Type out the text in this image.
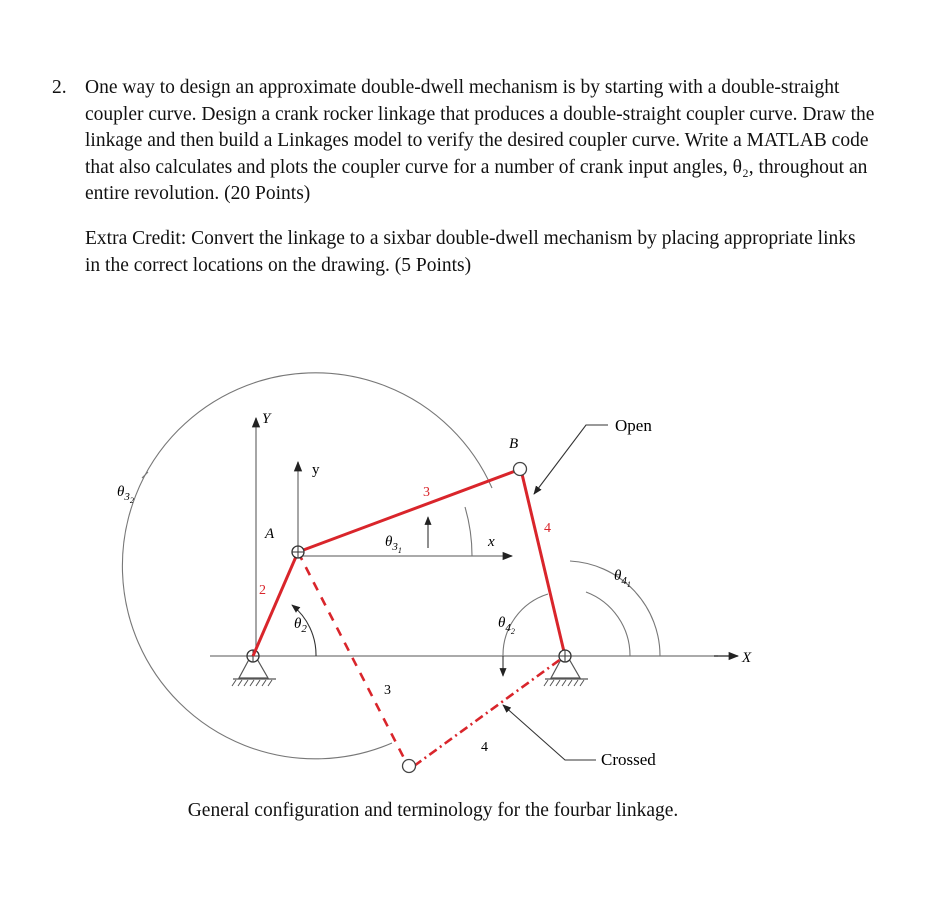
2. One way to design an approximate double-dwell mechanism is by starting with a double-straight coupler curve. Design a crank rocker linkage that produces a double-straight coupler curve. Draw the linkage and then build a Linkages model to verify the desired coupler curve. Write a MATLAB code that also calculates and plots the coupler curve for a number of crank input angles, θ₂, throughout an entire revolution. (20 Points)
Extra Credit: Convert the linkage to a sixbar double-dwell mechanism by placing appropriate links in the correct locations on the drawing. (5 Points)
Y
y
x
X
A
B
2
3
4
3
4
$\theta_2$
$\theta_{31}$
$\theta_{32}$
$\theta_{41}$
$\theta_{42}$
Open
Crossed
General configuration and terminology for the fourbar linkage.
